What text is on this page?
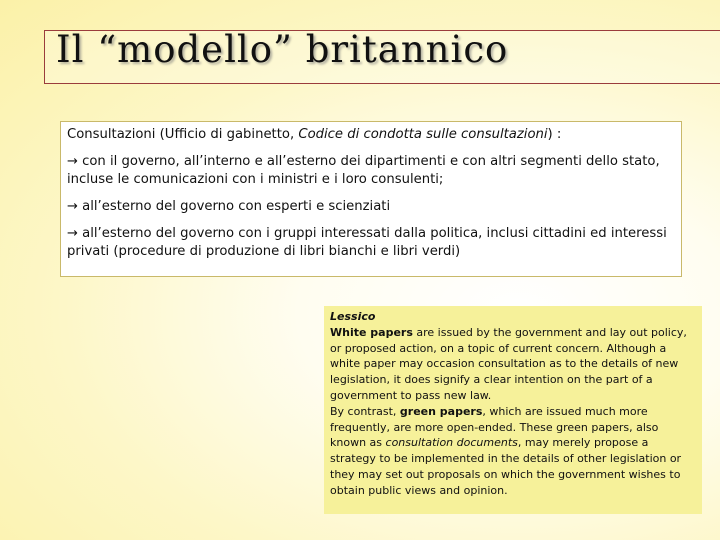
Il “modello” britannico

Consultazioni (Ufficio di gabinetto, Codice di condotta sulle consultazioni) :

→ con il governo, all’interno e all’esterno dei dipartimenti e con altri segmenti dello stato, incluse le comunicazioni con i ministri e i loro consulenti;

→ all’esterno del governo con esperti e scienziati

→ all’esterno del governo con i gruppi interessati dalla politica, inclusi cittadini ed interessi privati (procedure di produzione di libri bianchi e libri verdi)

Lessico

White papers are issued by the government and lay out policy, or proposed action, on a topic of current concern. Although a white paper may occasion consultation as to the details of new legislation, it does signify a clear intention on the part of a government to pass new law.

By contrast, green papers, which are issued much more frequently, are more open-ended. These green papers, also known as consultation documents, may merely propose a strategy to be implemented in the details of other legislation or they may set out proposals on which the government wishes to obtain public views and opinion.
